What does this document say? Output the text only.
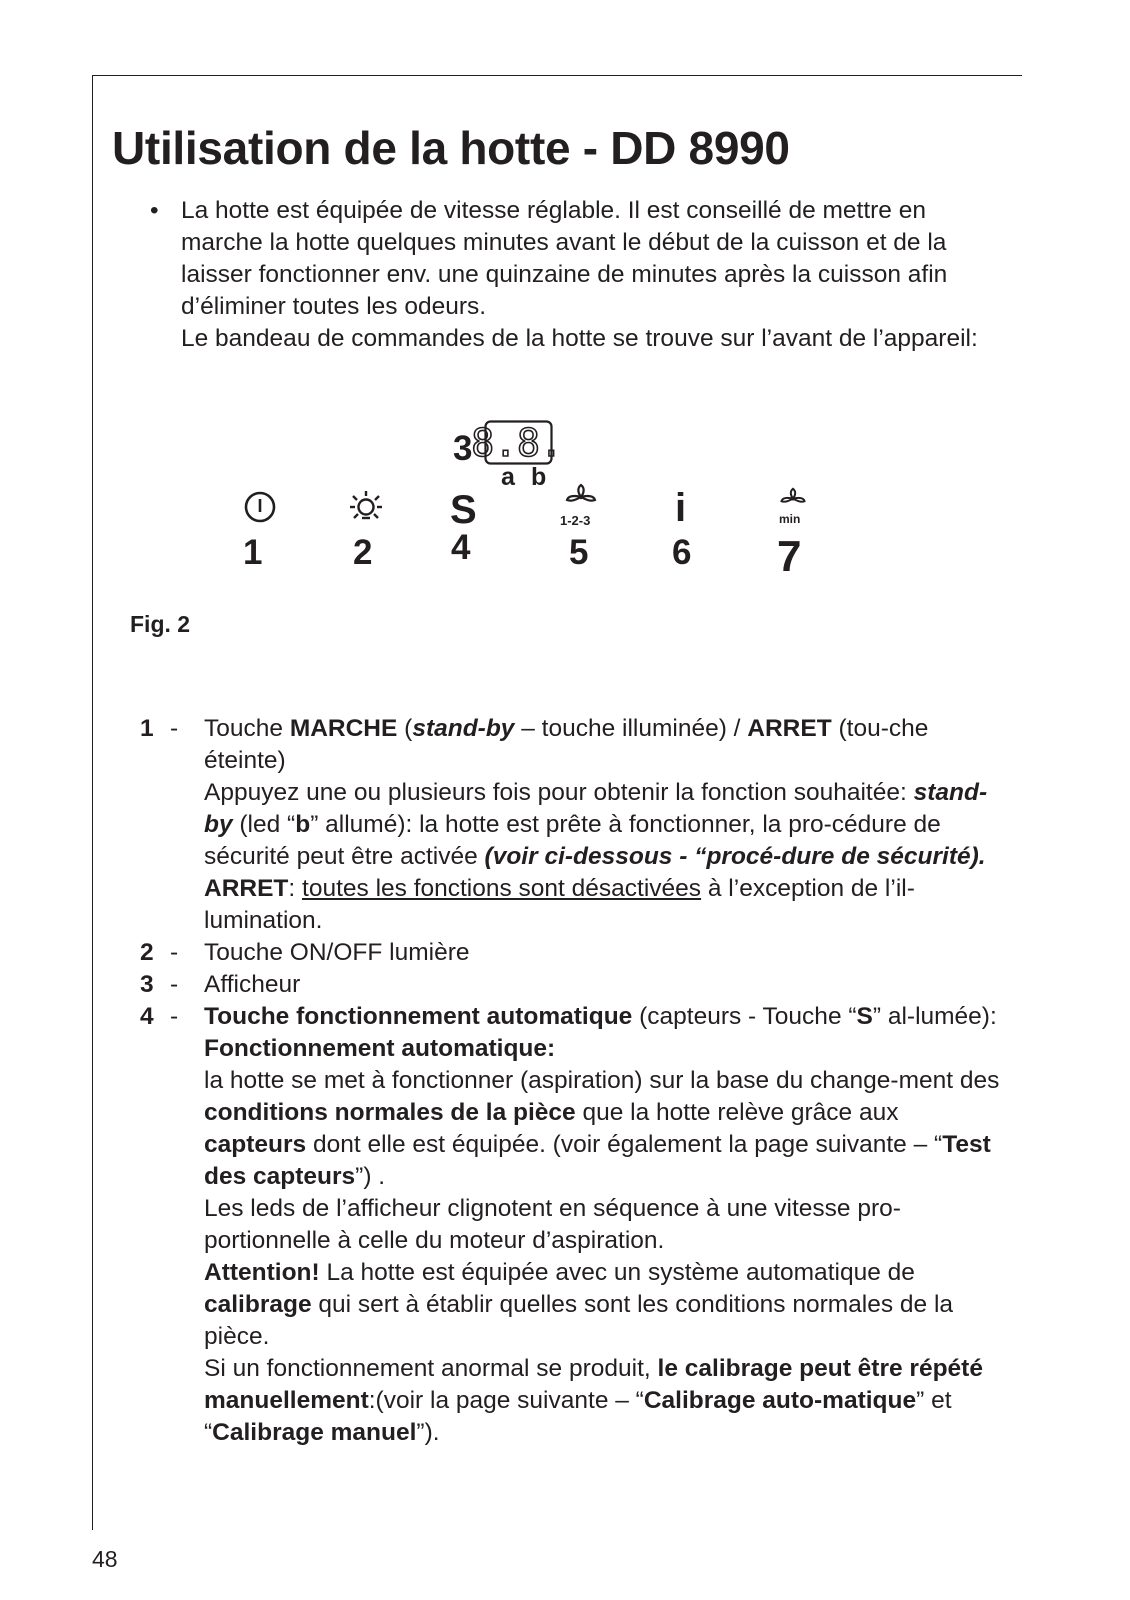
Utilisation de la hotte - DD 8990
• La hotte est équipée de vitesse réglable. Il est conseillé de mettre en marche la hotte quelques minutes avant le début de la cuisson et de la laisser fonctionner env. une quinzaine de minutes après la cuisson afin d’éliminer toutes les odeurs.

Le bandeau de commandes de la hotte se trouve sur l’avant de l’appareil:

3
8.8.
a b
1	2
S
4
1-2-3
5
i
6
min
7
Fig. 2
1 - Touche MARCHE (stand-by – touche illuminée) / ARRET (tou-che éteinte)

Appuyez une ou plusieurs fois pour obtenir la fonction souhaitée: stand-by (led “b” allumé): la hotte est prête à fonctionner, la pro-cédure de sécurité peut être activée (voir ci-dessous - “procé-dure de sécurité).

ARRET: toutes les fonctions sont désactivées à l’exception de l’il-lumination.

2 - Touche ON/OFF lumière

3 - Afficheur

4 - Touche fonctionnement automatique (capteurs - Touche “S” al-lumée):

Fonctionnement automatique:

la hotte se met à fonctionner (aspiration) sur la base du change-ment des conditions normales de la pièce que la hotte relève grâce aux capteurs dont elle est équipée. (voir également la page suivante – “Test des capteurs”) .

Les leds de l’afficheur clignotent en séquence à une vitesse pro-portionnelle à celle du moteur d’aspiration.

Attention! La hotte est équipée avec un système automatique de calibrage qui sert à établir quelles sont les conditions normales de la pièce.

Si un fonctionnement anormal se produit, le calibrage peut être répété manuellement:(voir la page suivante – “Calibrage auto-matique” et “Calibrage manuel”).

48
